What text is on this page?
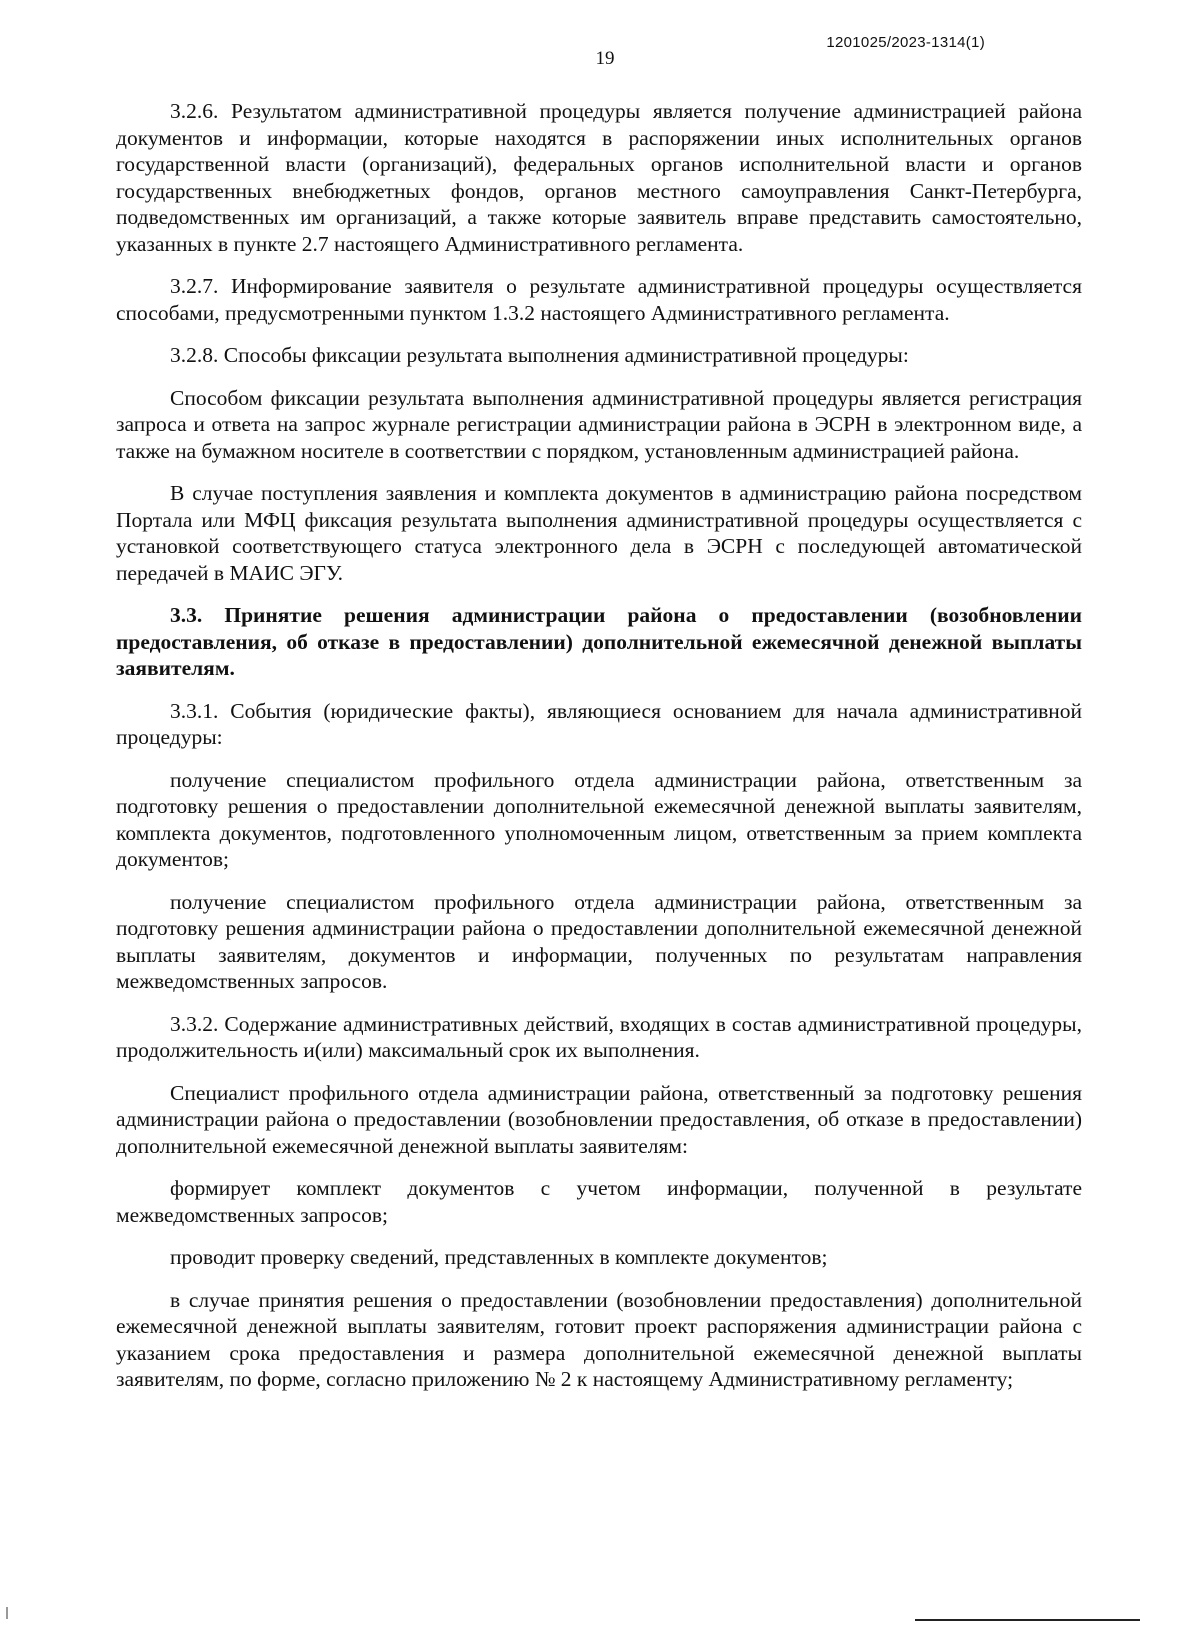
1201025/2023-1314(1)
19

3.2.6. Результатом административной процедуры является получение администрацией района документов и информации, которые находятся в распоряжении иных исполнительных органов государственной власти (организаций), федеральных органов исполнительной власти и органов государственных внебюджетных фондов, органов местного самоуправления Санкт-Петербурга, подведомственных им организаций, а также которые заявитель вправе представить самостоятельно, указанных в пункте 2.7 настоящего Административного регламента.

3.2.7. Информирование заявителя о результате административной процедуры осуществляется способами, предусмотренными пунктом 1.3.2 настоящего Административного регламента.

3.2.8. Способы фиксации результата выполнения административной процедуры:

Способом фиксации результата выполнения административной процедуры является регистрация запроса и ответа на запрос журнале регистрации администрации района в ЭСРН в электронном виде, а также на бумажном носителе в соответствии с порядком, установленным администрацией района.

В случае поступления заявления и комплекта документов в администрацию района посредством Портала или МФЦ фиксация результата выполнения административной процедуры осуществляется с установкой соответствующего статуса электронного дела в ЭСРН с последующей автоматической передачей в МАИС ЭГУ.

3.3. Принятие решения администрации района о предоставлении (возобновлении предоставления, об отказе в предоставлении) дополнительной ежемесячной денежной выплаты заявителям.

3.3.1. События (юридические факты), являющиеся основанием для начала административной процедуры:

получение специалистом профильного отдела администрации района, ответственным за подготовку решения о предоставлении дополнительной ежемесячной денежной выплаты заявителям, комплекта документов, подготовленного уполномоченным лицом, ответственным за прием комплекта документов;

получение специалистом профильного отдела администрации района, ответственным за подготовку решения администрации района о предоставлении дополнительной ежемесячной денежной выплаты заявителям, документов и информации, полученных по результатам направления межведомственных запросов.

3.3.2. Содержание административных действий, входящих в состав административной процедуры, продолжительность и(или) максимальный срок их выполнения.

Специалист профильного отдела администрации района, ответственный за подготовку решения администрации района о предоставлении (возобновлении предоставления, об отказе в предоставлении) дополнительной ежемесячной денежной выплаты заявителям:

формирует комплект документов с учетом информации, полученной в результате межведомственных запросов;

проводит проверку сведений, представленных в комплекте документов;

в случае принятия решения о предоставлении (возобновлении предоставления) дополнительной ежемесячной денежной выплаты заявителям, готовит проект распоряжения администрации района с указанием срока предоставления и размера дополнительной ежемесячной денежной выплаты заявителям, по форме, согласно приложению № 2 к настоящему Административному регламенту;
